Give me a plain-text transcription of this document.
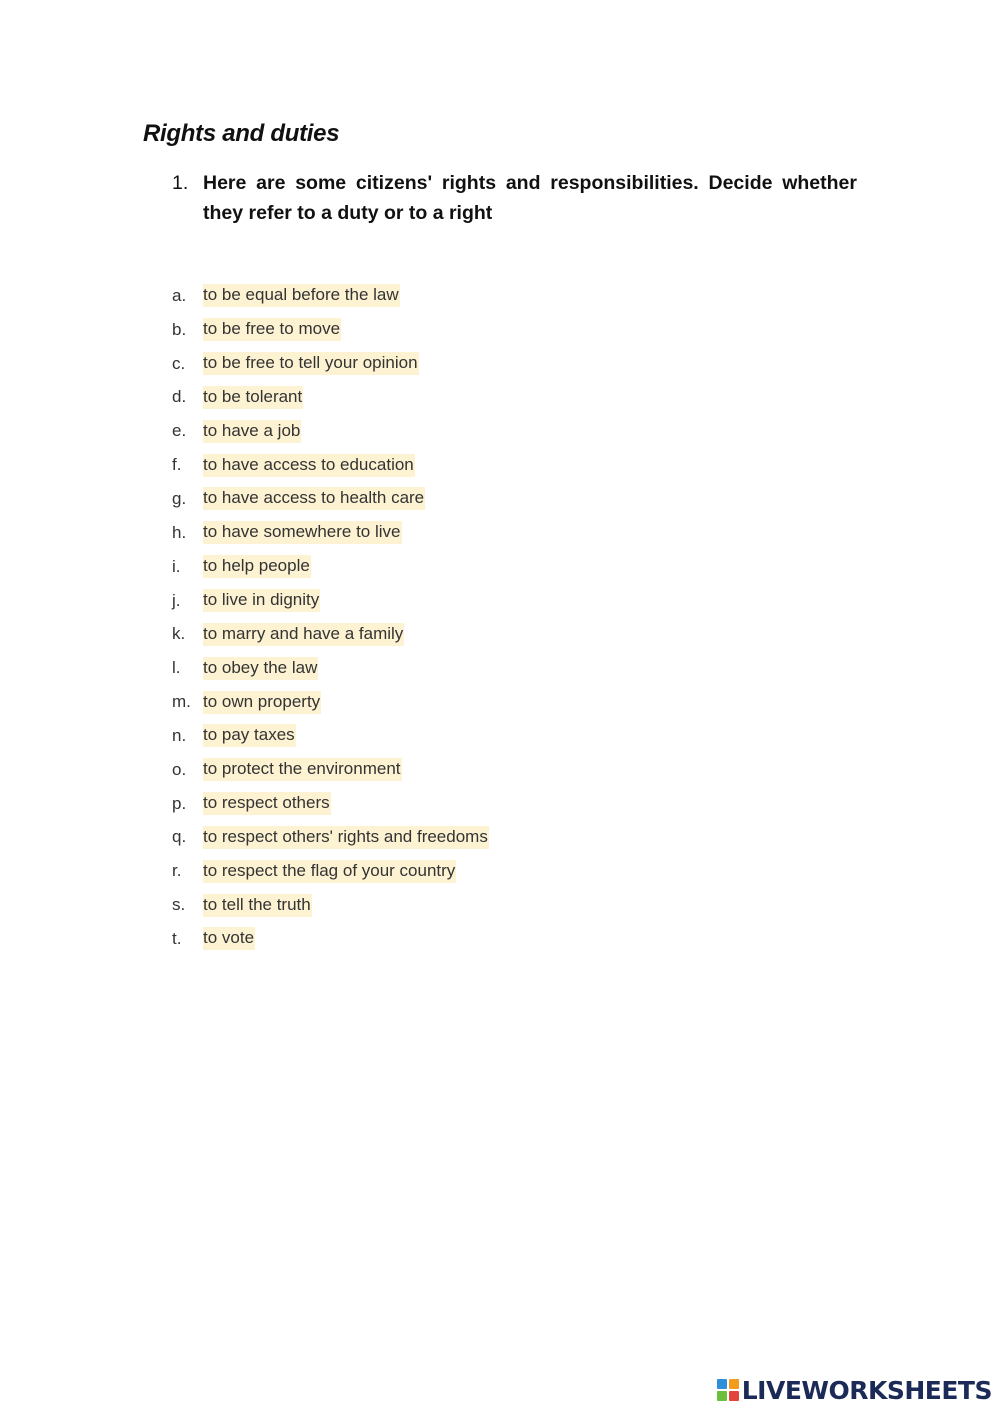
Rights and duties
1. Here are some citizens' rights and responsibilities. Decide whether they refer to a duty or to a right
a. to be equal before the law
b. to be free to move
c.	to be free to tell your opinion
d. to be tolerant
e. to have a job
f.	to have access to education
g. to have access to health care
h. to have somewhere to live
i.	to help people
j.	to live in dignity
k.	to marry and have a family
l.	to obey the law
m. to own property
n. to pay taxes
o. to protect the environment
p. to respect others
q. to respect others' rights and freedoms
r.	to respect the flag of your country
s.	to tell the truth
t.	to vote
LIVEWORKSHEETS
